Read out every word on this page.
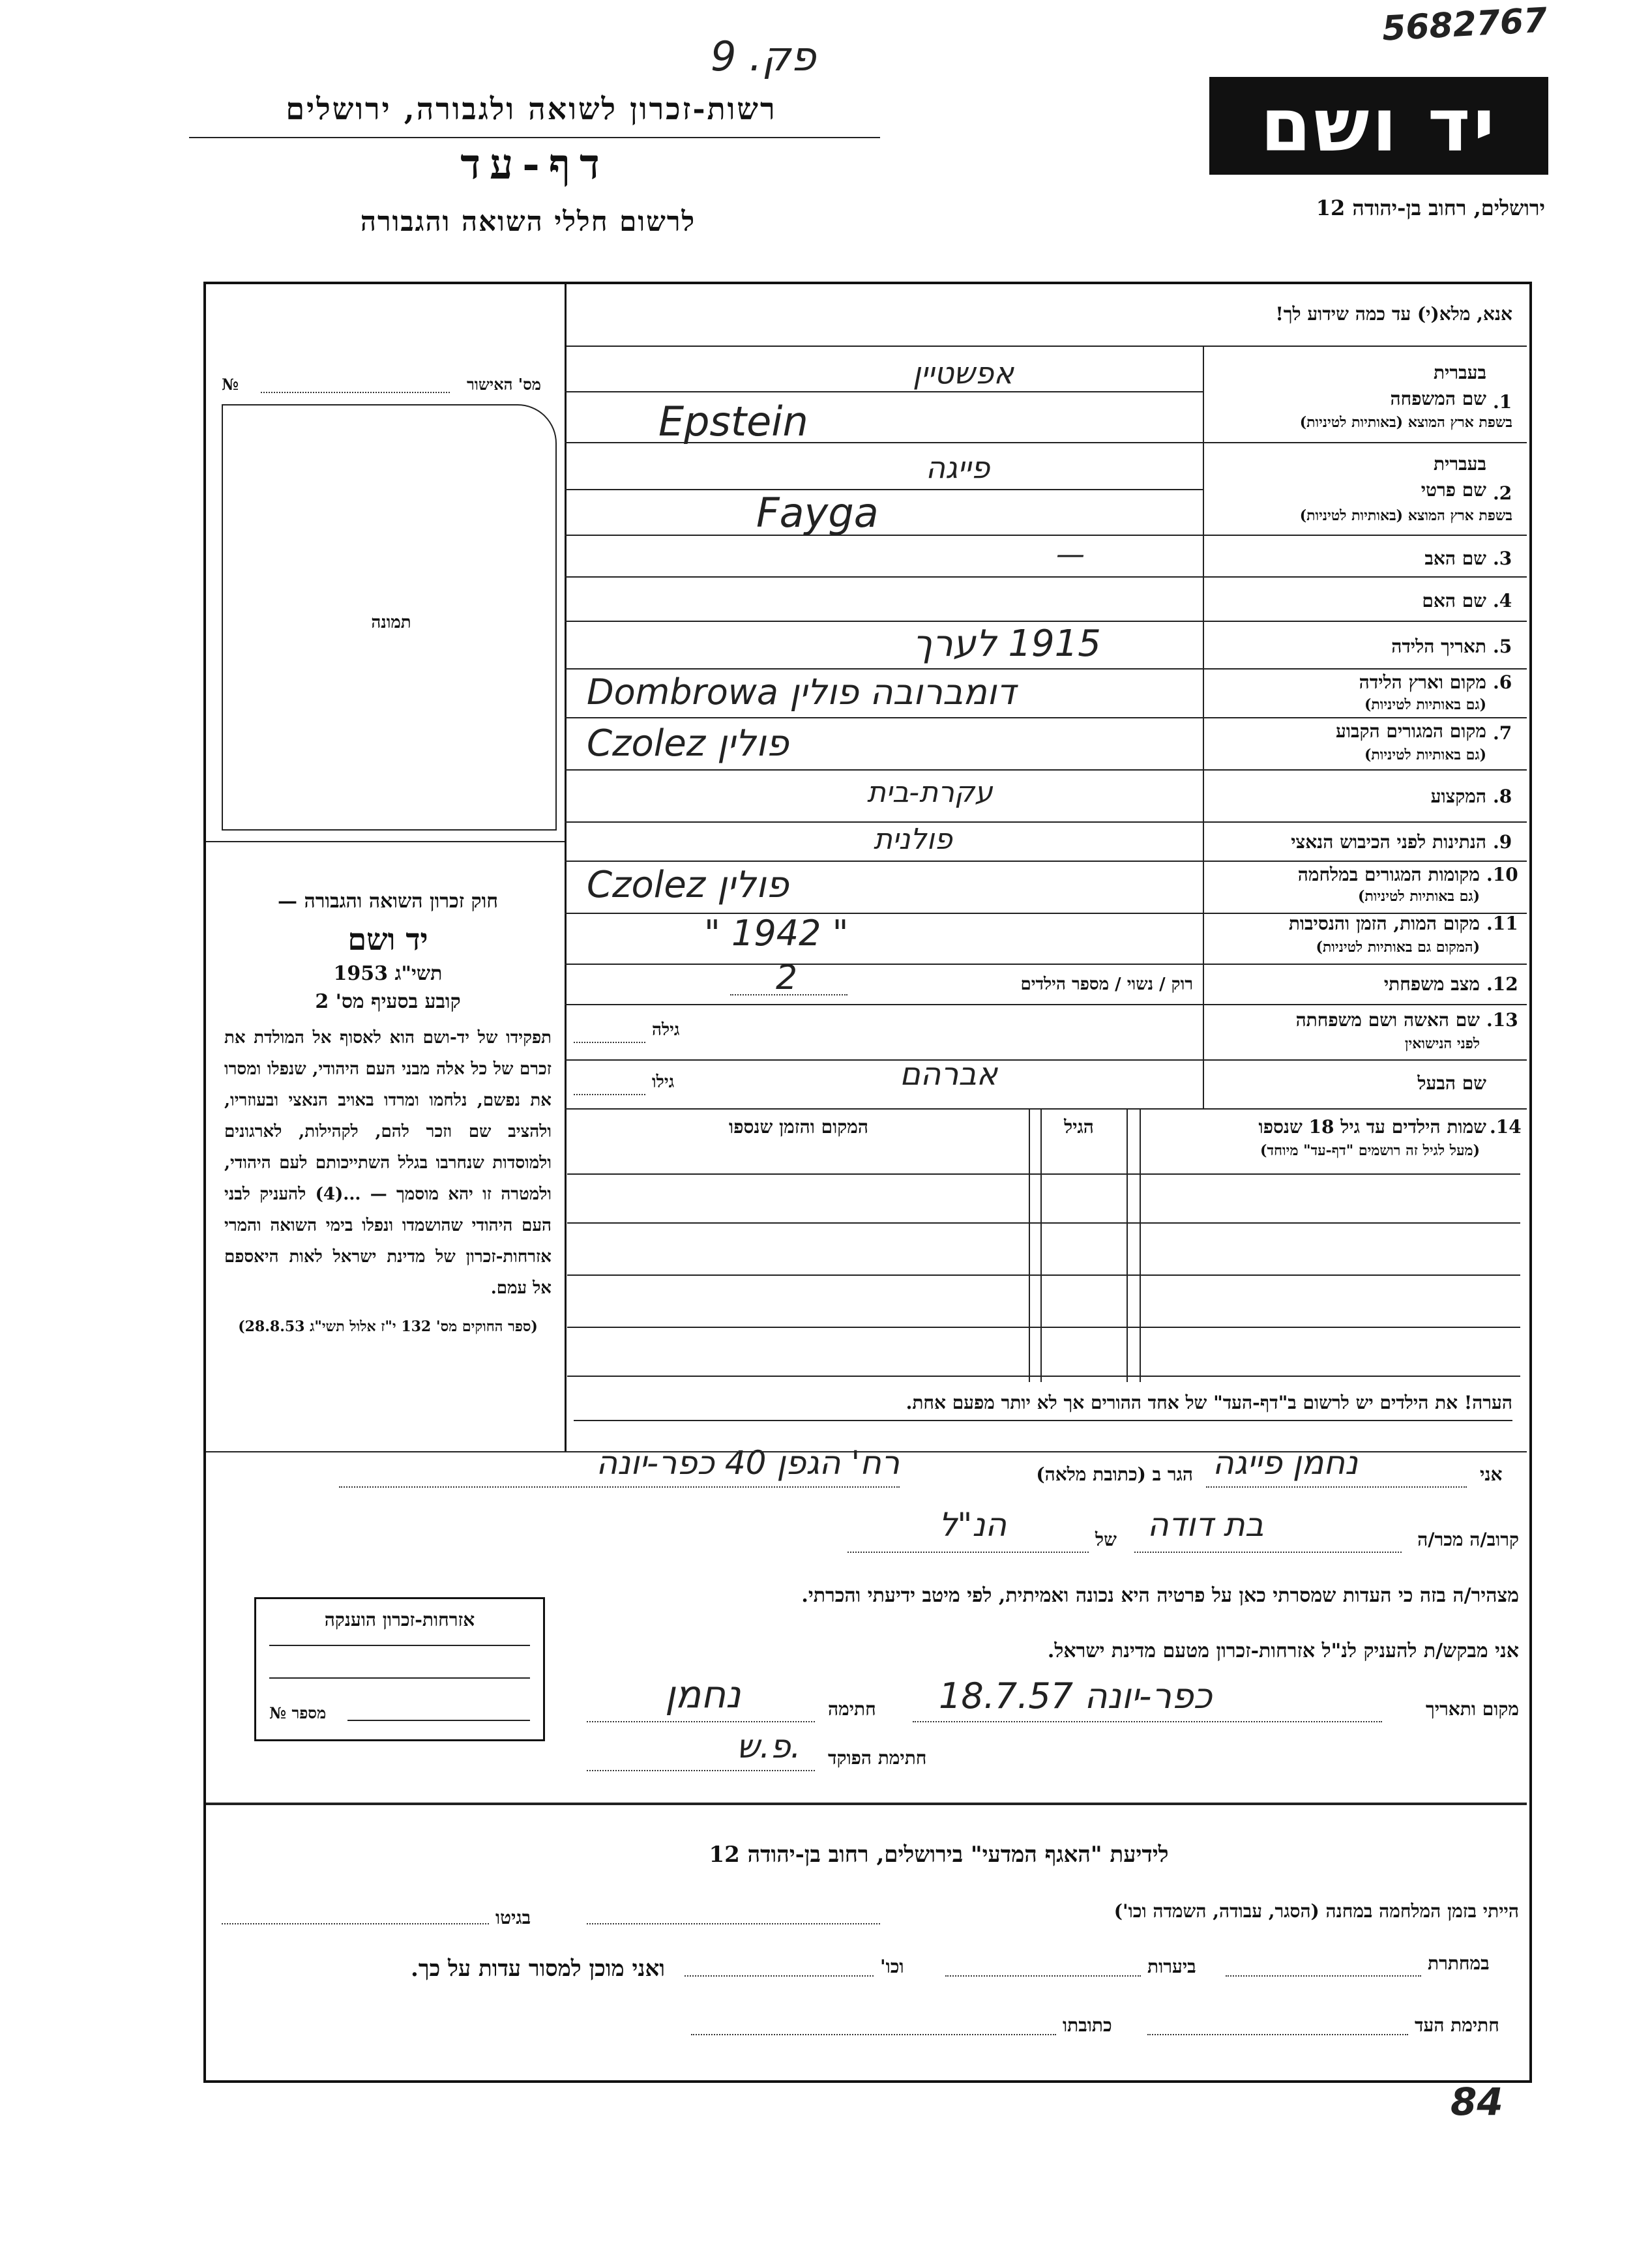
5682767
פק. 9
רשות-זכרון לשואה ולגבורה, ירושלים
דף-עד
לרשום חללי השואה והגבורה
יד ושם
ירושלים, רחוב בן-יהודה 12
אנא, מלא(י) עד כמה שידוע לך!
№	מס' האישור
תמונה
חוק זכרון השואה והגבורה —
יד ושם
תשי"ג 1953
קובע בסעיף מס' 2
תפקידו של יד-ושם הוא לאסוף אל המולדת את זכרם של כל אלה מבני העם היהודי, שנפלו ומסרו את נפשם, נלחמו ומרדו באויב הנאצי ובעוזריו, ולהציב שם וזכר להם, לקהילות, לארגונים ולמוסדות שנחרבו בגלל השתייכותם לעם היהודי, ולמטרה זו יהא מוסמך — ...(4) להעניק לבני העם היהודי שהושמדו ונפלו בימי השואה והמרי אזרחות-זכרון של מדינת ישראל לאות היאספם אל עמם.
(ספר החוקים מס' 132 י"ז אלול תשי"ג 28.8.53)
1.
בעברית
שם המשפחה
בשפת ארץ המוצא (באותיות לטיניות)
אפשטיין
Epstein
2.
בעברית
שם פרטי
בשפת ארץ המוצא (באותיות לטיניות)
פייגה
Fayga
3.
שם האב
—
4.
שם האם
5.
תאריך הלידה
1915 לערך
6.
מקום וארץ הלידה
(גם באותיות לטיניות)
Dombrowa דומברובה פולין
7.
מקום המגורים הקבוע
(גם באותיות לטיניות)
Czolez פולין
8.
המקצוע
עקרת-בית
9.
הנתינות לפני הכיבוש הנאצי
פולנית
10.
מקומות המגורים במלחמה
(גם באותיות לטיניות)
Czolez פולין
11.
מקום המות, הזמן והנסיבות
(המקום גם באותיות לטיניות)
" 1942 "
12.
מצב משפחתי
רוק / נשוי / מספר הילדים
2
13.
שם האשה ושם משפחתה
לפני הנישואין
גילה
שם הבעל
אברהם
גילו
14.
שמות הילדים עד גיל 18 שנספו
(מעל לגיל זה רושמים "דף-עד" מיוחד)
הגיל
המקום והזמן שנספו
הערה! את הילדים יש לרשום ב"דף-העד" של אחד ההורים אך לא יותר מפעם אחת.
אני
נחמן פייגה
הגר ב (כתובת מלאה)
רח' הגפן 40 כפר-יונה
קרוב/ה מכר/ה
בת דודה
של
הנ"ל
מצהיר/ה בזה כי העדות שמסרתי כאן על פרטיה היא נכונה ואמיתית, לפי מיטב ידיעתי והכרתי.
אני מבקש/ת להעניק לנ"ל אזרחות-זכרון מטעם מדינת ישראל.
מקום ותאריך
כפר-יונה 18.7.57
חתימה
נחמן
חתימת הפוקד
פ.ש.
אזרחות-זכרון הוענקה
מספר №
לידיעת "האגף המדעי" בירושלים, רחוב בן-יהודה 12
הייתי בזמן המלחמה במחנה (הסגר, עבודה, השמדה וכו')
בגיטו
במחתרת
ביערות
וכו'
ואני מוכן למסור עדות על כך.
חתימת העד
כתובתו
84
